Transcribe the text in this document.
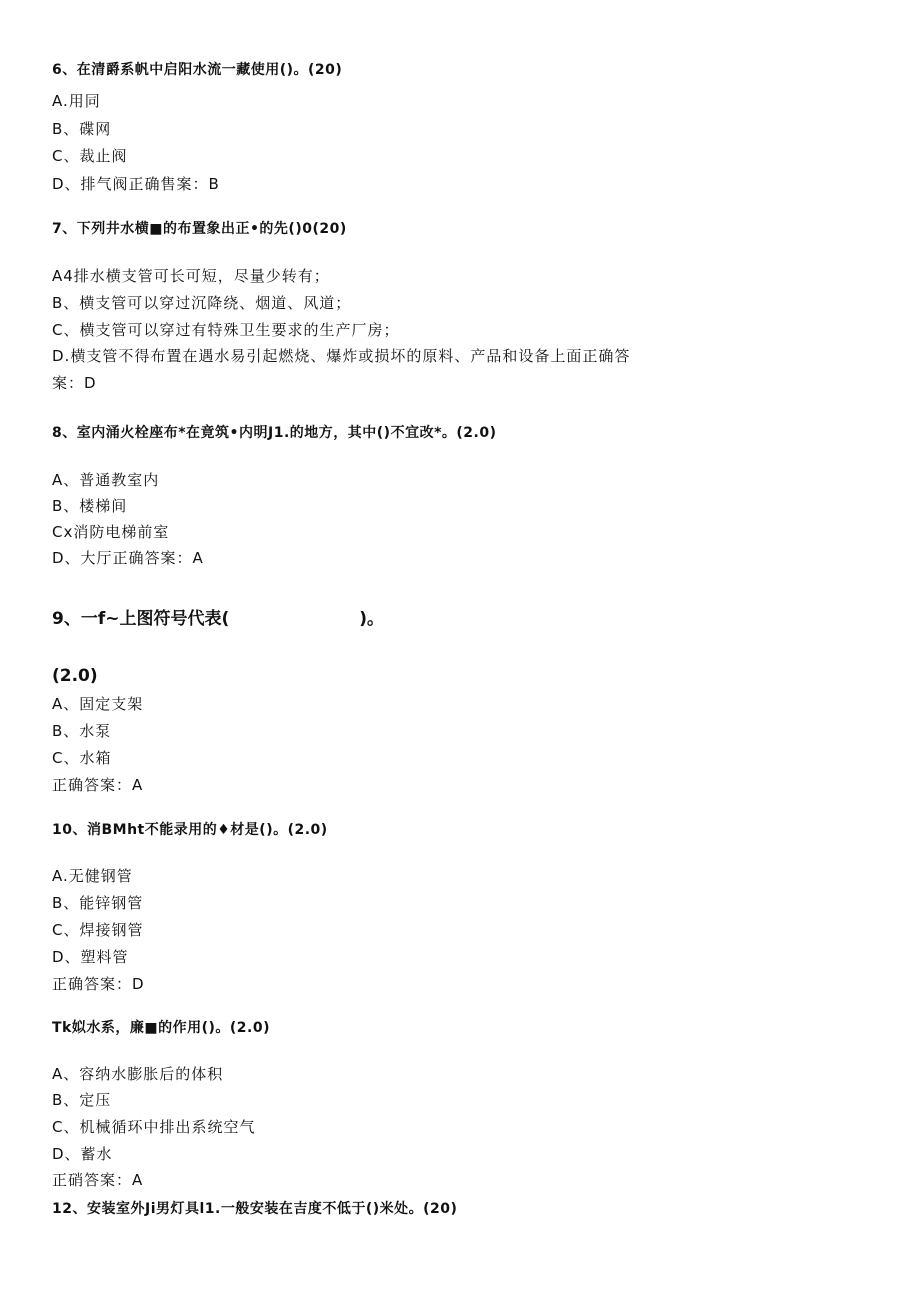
6、在清爵系帆中启阳水流一藏使用()。(20)
A.用同
B、碟网
C、裁止阀
D、排气阀正确售案：B
7、下列井水横■的布置象出正•的先()0(20)
A4排水横支管可长可短，尽量少转有；
B、横支管可以穿过沉降绕、烟道、风道；
C、横支管可以穿过有特殊卫生要求的生产厂房；
D.横支管不得布置在遇水易引起燃烧、爆炸或损坏的原料、产品和设备上面正确答
案：D
8、室内涌火栓座布*在竟筑•内明J1.的地方，其中()不宜改*。(2.0)
A、普通教室内
B、楼梯间
Cx消防电梯前室
D、大厅正确答案：A
9、一f~上图符号代表(	)。
(2.0)
A、固定支架
B、水泵
C、水箱
正确答案：A
10、消BMht不能录用的♦材是()。(2.0)
A.无健钢管
B、能锌钢管
C、焊接钢管
D、塑料管
正确答案：D
Tk姒水系，廉■的作用()。(2.0)
A、容纳水膨胀后的体积
B、定压
C、机械循环中排出系统空气
D、蓄水
正硝答案：A
12、安装室外Ji男灯具l1.一般安装在吉度不低于()米处。(20)
